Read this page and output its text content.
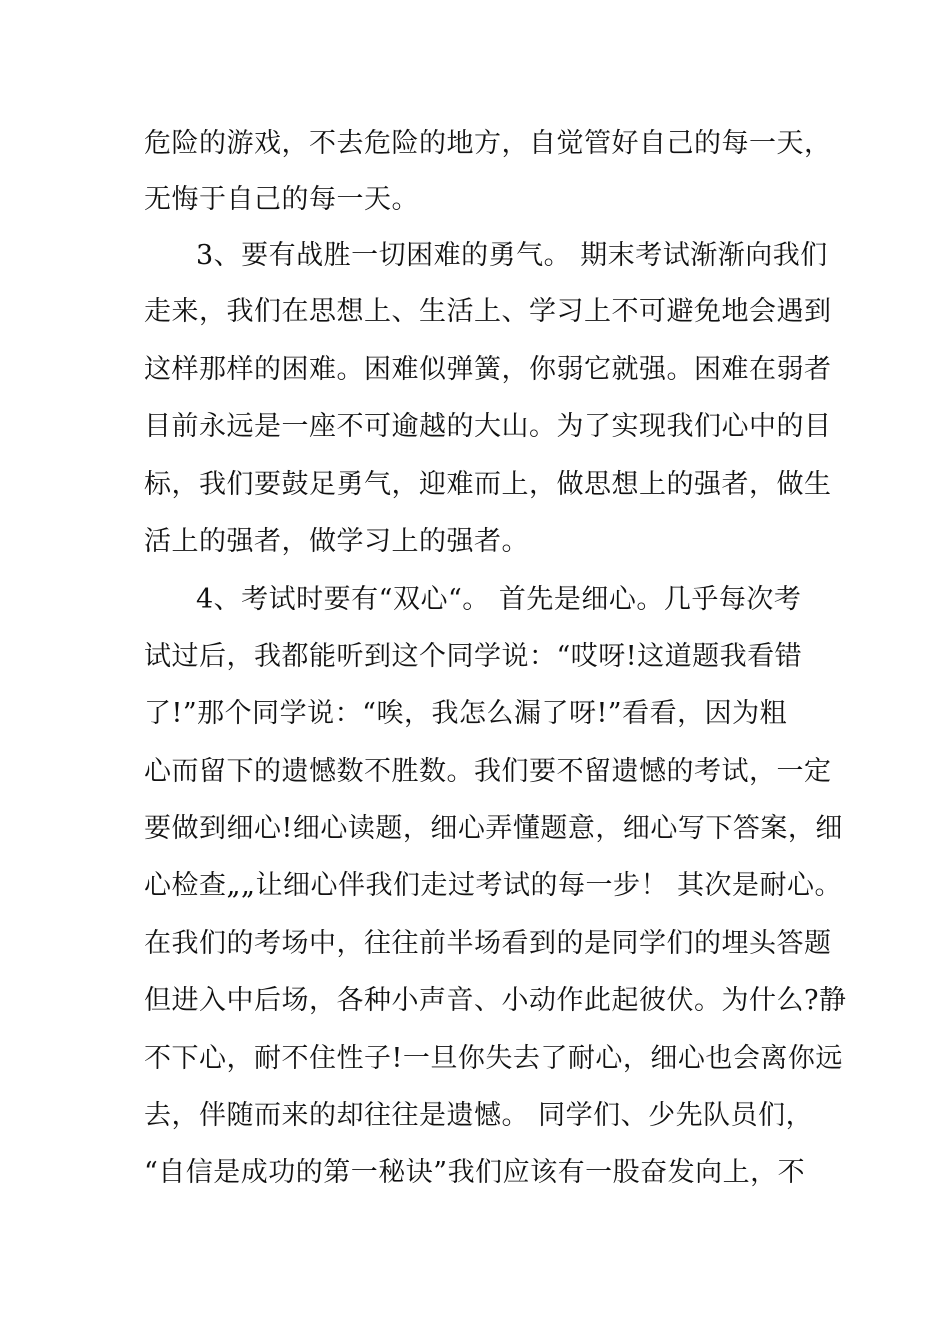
危险的游戏，不去危险的地方，自觉管好自己的每一天，
无悔于自己的每一天。
3、要有战胜一切困难的勇气。 期末考试渐渐向我们
走来，我们在思想上、生活上、学习上不可避免地会遇到
这样那样的困难。困难似弹簧，你弱它就强。困难在弱者
目前永远是一座不可逾越的大山。为了实现我们心中的目
标，我们要鼓足勇气，迎难而上，做思想上的强者，做生
活上的强者，做学习上的强者。
4、考试时要有“双心“。 首先是细心。几乎每次考
试过后，我都能听到这个同学说：“哎呀!这道题我看错
了!”那个同学说：“唉，我怎么漏了呀!”看看，因为粗
心而留下的遗憾数不胜数。我们要不留遗憾的考试，一定
要做到细心!细心读题，细心弄懂题意，细心写下答案，细
心检查„„让细心伴我们走过考试的每一步！ 其次是耐心。
在我们的考场中，往往前半场看到的是同学们的埋头答题
但进入中后场，各种小声音、小动作此起彼伏。为什么?静
不下心，耐不住性子!一旦你失去了耐心，细心也会离你远
去，伴随而来的却往往是遗憾。 同学们、少先队员们，
“自信是成功的第一秘诀”我们应该有一股奋发向上，不
